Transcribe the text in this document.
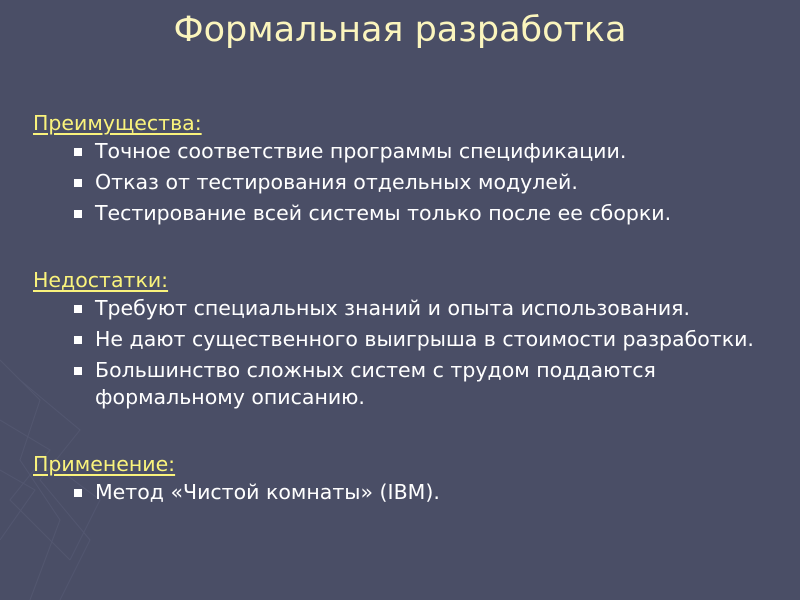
Формальная разработка

Преимущества:

Точное соответствие программы спецификации.
Отказ от тестирования отдельных модулей.
Тестирование всей системы только после ее сборки.

Недостатки:

Требуют специальных знаний и опыта использования.
Не дают существенного выигрыша в стоимости разработки.
Большинство сложных систем с трудом поддаются формальному описанию.

Применение:

Метод «Чистой комнаты» (IBM).
